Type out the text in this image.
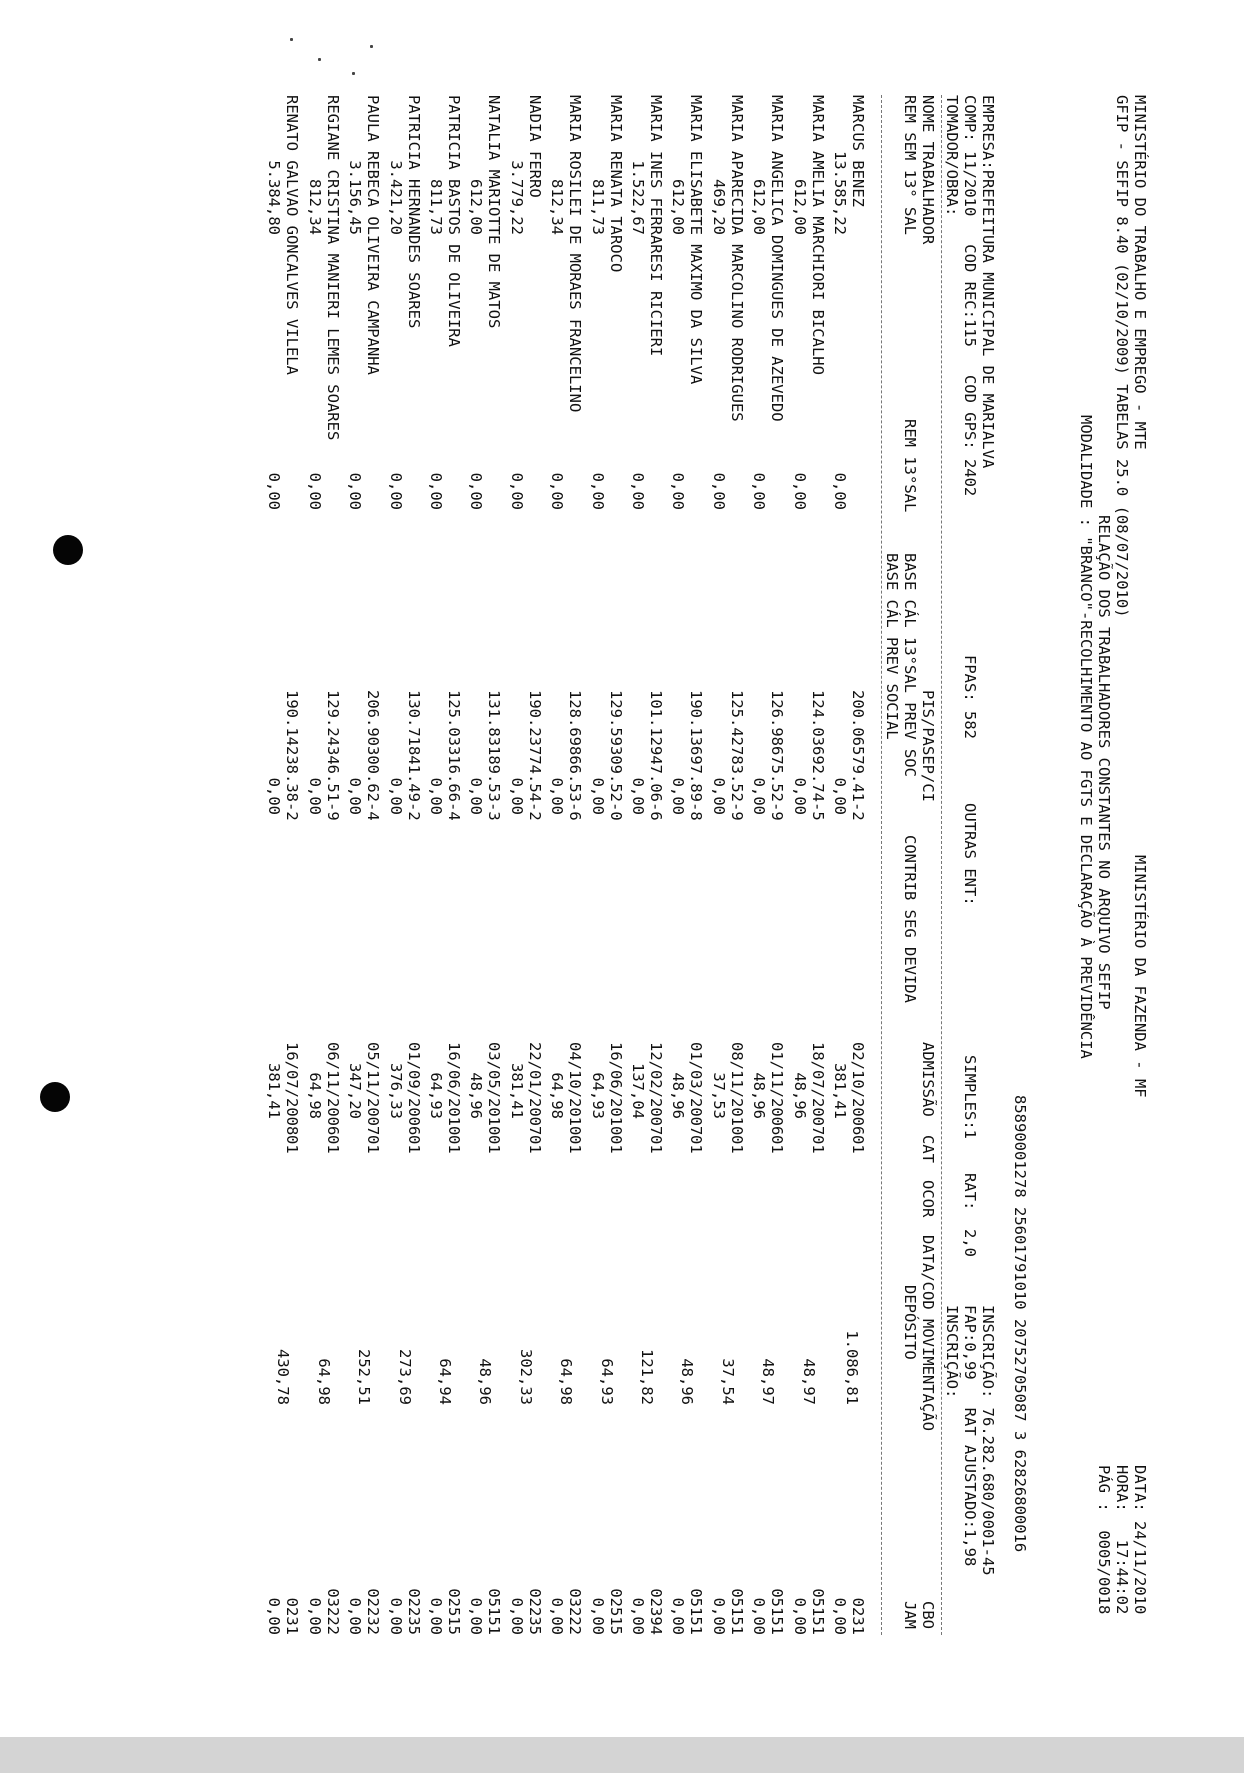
MINISTÉRIO DO TRABALHO E EMPREGO - MTE
MINISTÉRIO DA FAZENDA - MF
DATA: 24/11/2010
GFIP - SEFIP 8.40 (02/10/2009) TABELAS 25.0 (08/07/2010)
HORA:   17:44:02
RELAÇÃO DOS TRABALHADORES CONSTANTES NO ARQUIVO SEFIP
PÁG :  0005/0018
MODALIDADE : "BRANCO"-RECOLHIMENTO AO FGTS E DECLARAÇÃO À PREVIDÊNCIA
85890001278 25601791010 20752705087 3 62826800016
EMPRESA:PREFEITURA MUNICIPAL DE MARIALVA
INSCRIÇÃO: 76.282.680/0001-45
COMP: 11/2010   COD REC:115   COD GPS: 2402
FPAS: 582
OUTRAS ENT:
SIMPLES:1
RAT:  2,0
FAP:0,99   RAT AJUSTADO:1,98
TOMADOR/OBRA:
INSCRIÇÃO:
NOME TRABALHADOR
PIS/PASEP/CI
ADMISSÃO
CAT
OCOR
DATA/COD MOVIMENTAÇÃO
CBO
REM SEM 13° SAL
REM 13°SAL
BASE CÁL 13°SAL PREV SOC
CONTRIB SEG DEVIDA
DEPÓSITO
JAM
BASE CÁL PREV SOCIAL
MARCUS BENEZ
200.06579.41-2
02/10/2006
01
0231
13.585,22
0,00
0,00
381,41
1.086,81
0,00
MARIA AMELIA MARCHIORI BICALHO
124.03692.74-5
18/07/2007
01
05151
612,00
0,00
0,00
48,96
48,97
0,00
MARIA ANGELICA DOMINGUES DE AZEVEDO
126.98675.52-9
01/11/2006
01
05151
612,00
0,00
0,00
48,96
48,97
0,00
MARIA APARECIDA MARCOLINO RODRIGUES
125.42783.52-9
08/11/2010
01
05151
469,20
0,00
0,00
37,53
37,54
0,00
MARIA ELISABETE MAXIMO DA SILVA
190.13697.89-8
01/03/2007
01
05151
612,00
0,00
0,00
48,96
48,96
0,00
MARIA INES FERRARESI RICIERI
101.12947.06-6
12/02/2007
01
02394
1.522,67
0,00
0,00
137,04
121,82
0,00
MARIA RENATA TAROCO
129.59309.52-0
16/06/2010
01
02515
811,73
0,00
0,00
64,93
64,93
0,00
MARIA ROSILEI DE MORAES FRANCELINO
128.69866.53-6
04/10/2010
01
03222
812,34
0,00
0,00
64,98
64,98
0,00
NADIA FERRO
190.23774.54-2
22/01/2007
01
02235
3.779,22
0,00
0,00
381,41
302,33
0,00
NATALIA MARIOTTE DE MATOS
131.83189.53-3
03/05/2010
01
05151
612,00
0,00
0,00
48,96
48,96
0,00
PATRICIA BASTOS DE OLIVEIRA
125.03316.66-4
16/06/2010
01
02515
811,73
0,00
0,00
64,93
64,94
0,00
PATRICIA HERNANDES SOARES
130.71841.49-2
01/09/2006
01
02235
3.421,20
0,00
0,00
376,33
273,69
0,00
PAULA REBECA OLIVEIRA CAMPANHA
206.90300.62-4
05/11/2007
01
02232
3.156,45
0,00
0,00
347,20
252,51
0,00
REGIANE CRISTINA MANIERI LEMES SOARES
129.24346.51-9
06/11/2006
01
03222
812,34
0,00
0,00
64,98
64,98
0,00
RENATO GALVAO GONCALVES VILELA
190.14238.38-2
16/07/2008
01
0231
5.384,80
0,00
0,00
381,41
430,78
0,00
